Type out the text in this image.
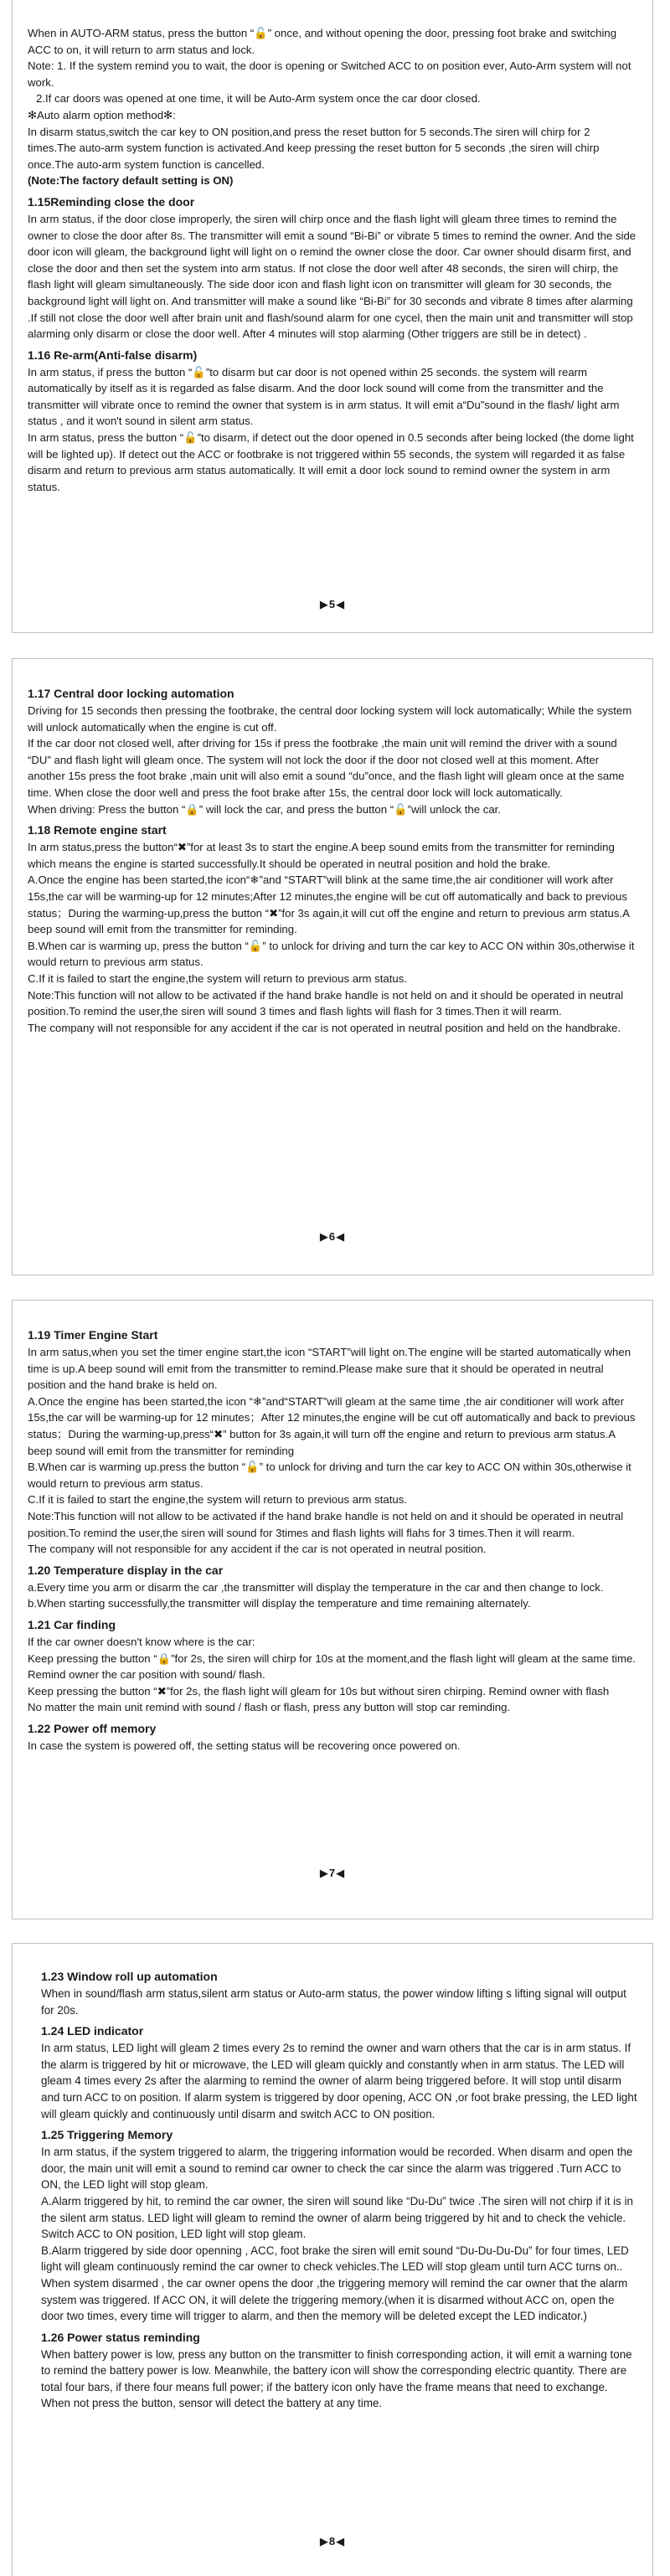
When in AUTO-ARM status, press the button “🔓” once, and without opening the door, pressing foot brake and switching ACC to on, it will return to arm status and lock.

Note: 1. If the system remind you to wait, the door is opening or Switched ACC to on position ever, Auto-Arm system will not work.

2.If car doors was opened at one time, it will be Auto-Arm system once the car door closed.

✻Auto alarm option method✻:

In disarm status,switch the car key to ON position,and press the reset button for 5 seconds.The siren will chirp for 2 times.The auto-arm system function is activated.And keep pressing the reset button for 5 seconds ,the siren will chirp once.The auto-arm system function is cancelled.

(Note:The factory default setting is ON)

1.15Reminding close the door

In arm status, if the door close improperly, the siren will chirp once and the flash light will gleam three times to remind the owner to close the door after 8s. The transmitter will emit a sound “Bi-Bi” or vibrate 5 times to remind the owner. And the side door icon will gleam, the background light will light on o remind the owner close the door. Car owner should disarm first, and close the door and then set the system into arm status. If not close the door well after 48 seconds, the siren will chirp, the flash light will gleam simultaneously. The side door icon and flash light icon on transmitter will gleam for 30 seconds, the background light will light on. And transmitter will make a sound like “Bi-Bi” for 30 seconds and vibrate 8 times after alarming .If still not close the door well after brain unit and flash/sound alarm for one cycel, then the main unit and transmitter will stop alarming only disarm or close the door well. After 4 minutes will stop alarming (Other triggers are still be in detect) .

1.16 Re-arm(Anti-false disarm)

In arm status, if press the button “🔓”to disarm but car door is not opened within 25 seconds. the system will rearm automatically by itself as it is regarded as false disarm. And the door lock sound will come from the transmitter and the transmitter will vibrate once to remind the owner that system is in arm status. It will emit a“Du”sound in the flash/ light arm status , and it won't sound in silent arm status.

In arm status, press the button “🔓”to disarm, if detect out the door opened in 0.5 seconds after being locked (the dome light will be lighted up). If detect out the ACC or footbrake is not triggered within 55 seconds, the system will regarded it as false disarm and return to previous arm status automatically. It will emit a door lock sound to remind owner the system in arm status.

▶5◀
1.17 Central door locking automation

Driving for 15 seconds then pressing the footbrake, the central door locking system will lock automatically; While the system will unlock automatically when the engine is cut off.

If the car door not closed well, after driving for 15s if press the footbrake ,the main unit will remind the driver with a sound “DU” and flash light will gleam once. The system will not lock the door if the door not closed well at this moment. After another 15s press the foot brake ,main unit will also emit a sound “du”once, and the flash light will gleam once at the same time. When close the door well and press the foot brake after 15s, the central door lock will lock automatically.

When driving: Press the button “🔒” will lock the car, and press the button “🔓”will unlock the car.

1.18 Remote engine start

In arm status,press the button“✖”for at least 3s to start the engine.A beep sound emits from the transmitter for reminding which means the engine is started successfully.It should be operated in neutral position and hold the brake.

A.Once the engine has been started,the icon“❄”and “START”will blink at the same time,the air conditioner will work after 15s,the car will be warming-up for 12 minutes;After 12 minutes,the engine will be cut off automatically and back to previous status；During the warming-up,press the button “✖”for 3s again,it will cut off the engine and return to previous arm status.A beep sound will emit from the transmitter for reminding.

B.When car is warming up, press the button “🔓” to unlock for driving and turn the car key to ACC ON within 30s,otherwise it would return to previous arm status.

C.If it is failed to start the engine,the system will return to previous arm status.

Note:This function will not allow to be activated if the hand brake handle is not held on and it should be operated in neutral position.To remind the user,the siren will sound 3 times and flash lights will flash for 3 times.Then it will rearm.

The company will not responsible for any accident if the car is not operated in neutral position and held on the handbrake.

▶6◀
1.19 Timer Engine Start

In arm satus,when you set the timer engine start,the icon “START”will light on.The engine will be started automatically when time is up.A beep sound will emit from the transmitter to remind.Please make sure that it should be operated in neutral position and the hand brake is held on.

A.Once the engine has been started,the icon “❄”and“START”will gleam at the same time ,the air conditioner will work after 15s,the car will be warming-up for 12 minutes；After 12 minutes,the engine will be cut off automatically and back to previous status；During the warming-up,press“✖” button for 3s again,it will turn off the engine and return to previous arm status.A beep sound will emit from the transmitter for reminding

B.When car is warming up.press the button “🔓” to unlock for driving and turn the car key to ACC ON within 30s,otherwise it would return to previous arm status.

C.If it is failed to start the engine,the system will return to previous arm status.

Note:This function will not allow to be activated if the hand brake handle is not held on and it should be operated in neutral position.To remind the user,the siren will sound for 3times and flash lights will flahs for 3 times.Then it will rearm.

The company will not responsible for any accident if the car is not operated in neutral position.

1.20 Temperature display in the car

a.Every time you arm or disarm the car ,the transmitter will display the temperature in the car and then change to lock.

b.When starting successfully,the transmitter will display the temperature and time remaining alternately.

1.21 Car finding

If the car owner doesn't know where is the car:

Keep pressing the button “🔒”for 2s, the siren will chirp for 10s at the moment,and the flash light will gleam at the same time. Remind owner the car position with sound/ flash.

Keep pressing the button “✖”for 2s, the flash light will gleam for 10s but without siren chirping. Remind owner with flash

No matter the main unit remind with sound / flash or flash, press any button will stop car reminding.

1.22 Power off memory

In case the system is powered off, the setting status will be recovering once powered on.

▶7◀
1.23 Window roll up automation

When in sound/flash arm status,silent arm status or Auto-arm status, the power window lifting s lifting signal will output for 20s.

1.24 LED indicator

In arm status, LED light will gleam 2 times every 2s to remind the owner and warn others that the car is in arm status. If the alarm is triggered by hit or microwave, the LED will gleam quickly and constantly when in arm status. The LED will gleam 4 times every 2s after the alarming to remind the owner of alarm being triggered before. It will stop until disarm and turn ACC to on position. If alarm system is triggered by door opening, ACC ON ,or foot brake pressing, the LED light will gleam quickly and continuously until disarm and switch ACC to ON position.

1.25 Triggering Memory

In arm status, if the system triggered to alarm, the triggering information would be recorded. When disarm and open the door, the main unit will emit a sound to remind car owner to check the car since the alarm was triggered .Turn ACC to ON, the LED light will stop gleam.

A.Alarm triggered by hit, to remind the car owner, the siren will sound like “Du-Du” twice .The siren will not chirp if it is in the silent arm status. LED light will gleam to remind the owner of alarm being triggered by hit and to check the vehicle. Switch ACC to ON position, LED light will stop gleam.

B.Alarm triggered by side door openning , ACC, foot brake the siren will emit sound “Du-Du-Du-Du” for four times, LED light will gleam continuously remind the car owner to check vehicles.The LED will stop gleam until turn ACC turns on..

When system disarmed , the car owner opens the door ,the triggering memory will remind the car owner that the alarm system was triggered. If ACC ON, it will delete the triggering memory.(when it is disarmed without ACC on, open the door two times, every time will trigger to alarm, and then the memory will be deleted except the LED indicator.)

1.26 Power status reminding

When battery power is low, press any button on the transmitter to finish corresponding action, it will emit a warning tone to remind the battery power is low. Meanwhile, the battery icon will show the corresponding electric quantity. There are total four bars, if there four means full power; if the battery icon only have the frame means that need to exchange. When not press the button, sensor will detect the battery at any time.

▶8◀
